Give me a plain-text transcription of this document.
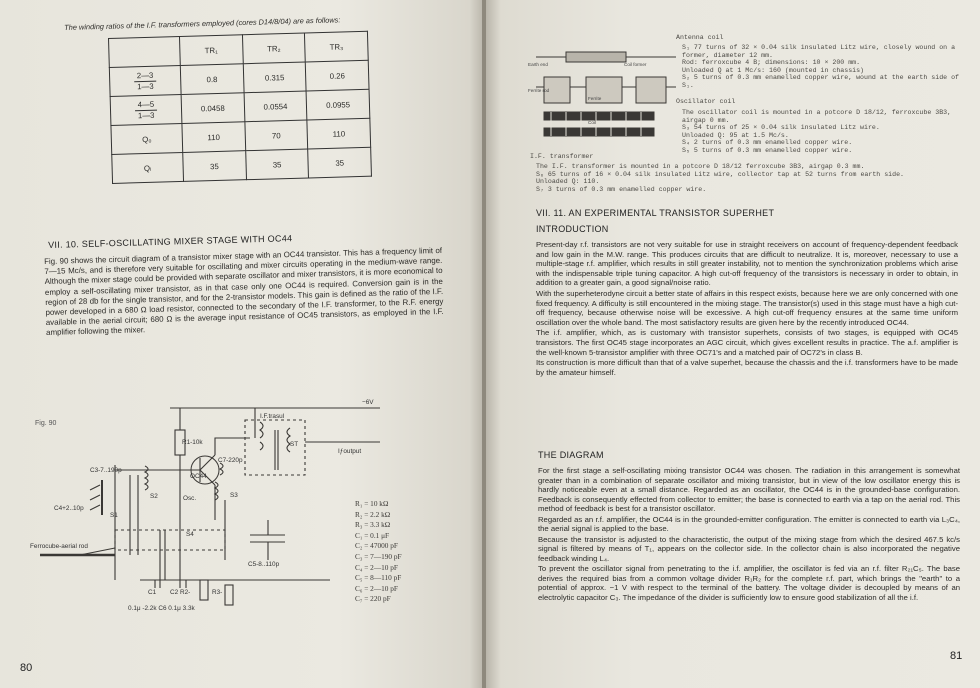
The winding ratios of the I.F. transformers employed (cores D14/8/04) are as follows:
	TR₁	TR₂	TR₃

$\frac{2—3}{1—3}$	0.8	0.315	0.26

$\frac{4—5}{1—3}$	0.0458	0.0554	0.0955
Q₀	110	70	110
Qₗ	35	35	35
VII. 10. SELF-OSCILLATING MIXER STAGE WITH OC44
Fig. 90 shows the circuit diagram of a transistor mixer stage with an OC44 transistor. This has a frequency limit of 7—15 Mc/s, and is therefore very suitable for oscillating and mixer circuits operating in the medium-wave range. Although the mixer stage could be provided with separate oscillator and mixer transistors, it is more economical to employ a self-oscillating mixer transistor, as in that case only one OC44 is required. Conversion gain is in the region of 28 db for the single transistor, and for the 2-transistor models. This gain is defined as the ratio of the I.F. power developed in a 680 Ω load resistor, connected to the secondary of the I.F. transformer, to the R.F. energy available in the aerial circuit; 680 Ω is the average input resistance of OC45 transistors, as employed in the I.F. amplifier following the mixer.
Fig. 90
−6V
I.F.trasul
Iƒoutput
R1-10k
C7-220p
ST
C3-7..190p
C4+2..10p
S2	Osc.	S3
S1
S4
Ferrocube-aerial rod
C5-8..110p
OC44
R2-	R3-
C1 C2
0.1μ -2.2k C6 0.1μ 3.3k
R₁ = 10 kΩ
R₂ = 2.2 kΩ
R₃ = 3.3 kΩ
C₁ = 0.1 μF
C₂ = 47000 pF
C₃ = 7—190 pF
C₄ = 2—10 pF
C₅ = 8—110 pF
C₆ = 2—10 pF
C₇ = 220 pF
80
Earth end	Coil former
Ferrite rod
Coil
Ferrite
Antenna coil
S₁ 77 turns of 32 × 0.04 silk insulated Litz wire, closely wound on a former, diameter 12 mm.
Rod: ferroxcube 4 B; dimensions: 10 × 200 mm.
Unloaded Q at 1 Mc/s: 160 (mounted in chassis)
S₂ 5 turns of 0.3 mm enamelled copper wire, wound at the earth side of S₁.
Oscillator coil
The oscillator coil is mounted in a potcore D 18/12, ferroxcube 3B3, airgap 0 mm.
S₃ 54 turns of 25 × 0.04 silk insulated Litz wire.
Unloaded Q: 95 at 1.5 Mc/s.
S₄ 2 turns of 0.3 mm enamelled copper wire.
S₅ 5 turns of 0.3 mm enamelled copper wire.
I.F. transformer
The I.F. transformer is mounted in a potcore D 18/12 ferroxcube 3B3, airgap 0.3 mm.
S₆ 65 turns of 16 × 0.04 silk insulated Litz wire, collector tap at 52 turns from earth side.
Unloaded Q: 110.
S₇ 3 turns of 0.3 mm enamelled copper wire.
VII. 11. AN EXPERIMENTAL TRANSISTOR SUPERHET
INTRODUCTION

Present-day r.f. transistors are not very suitable for use in straight receivers on account of frequency-dependent feedback and low gain in the M.W. range. This produces circuits that are difficult to neutralize. It is, moreover, necessary to use a multiple-stage r.f. amplifier, which results in still greater instability, not to mention the synchronization problems which arise with the indispensable triple tuning capacitor. A high cut-off frequency of the transistors is necessary in order to obtain, in addition to a greater gain, a good signal/noise ratio.

With the superheterodyne circuit a better state of affairs in this respect exists, because here we are only concerned with one fixed frequency. A difficulty is still encountered in the mixing stage. The transistor(s) used in this stage must have a high cut-off frequency, because otherwise noise will be excessive. A high cut-off frequency ensures at the same time uniform oscillation over the whole band. The most satisfactory results are given here by the recently introduced OC44.

The i.f. amplifier, which, as is customary with transistor superhets, consists of two stages, is equipped with OC45 transistors. The first OC45 stage incorporates an AGC circuit, which gives excellent results in practice. The a.f. amplifier is the well-known 5-transistor amplifier with three OC71's and a matched pair of OC72's in class B.

Its construction is more difficult than that of a valve superhet, because the chassis and the i.f. transformers have to be made by the amateur himself.

THE DIAGRAM

For the first stage a self-oscillating mixing transistor OC44 was chosen. The radiation in this arrangement is somewhat greater than in a combination of separate oscillator and mixing transistor, but in view of the low oscillator energy this is hardly noticeable even at a small distance. Regarded as an oscillator, the OC44 is in the grounded-base configuration. Feedback is consequently effected from collector to emitter; the base is connected to earth via a tap on the aerial rod. This method of feedback is best for a transistor oscillator.

Regarded as an r.f. amplifier, the OC44 is in the grounded-emitter configuration. The emitter is connected to earth via L₃C₄, the aerial signal is applied to the base.

Because the transistor is adjusted to the characteristic, the output of the mixing stage from which the desired 467.5 kc/s signal is filtered by means of T₁, appears on the collector side. In the collector chain is also incorporated the negative feedback winding L₄.

To prevent the oscillator signal from penetrating to the i.f. amplifier, the oscillator is fed via an r.f. filter R₂₁C₅. The base derives the required bias from a common voltage divider R₁R₂ for the complete r.f. part, which brings the "earth" to a potential of approx. −1 V with respect to the terminal of the battery. The voltage divider is decoupled by means of an electrolytic capacitor C₃. The impedance of the divider is sufficiently low to ensure good stabilization of all the i.f.

81
